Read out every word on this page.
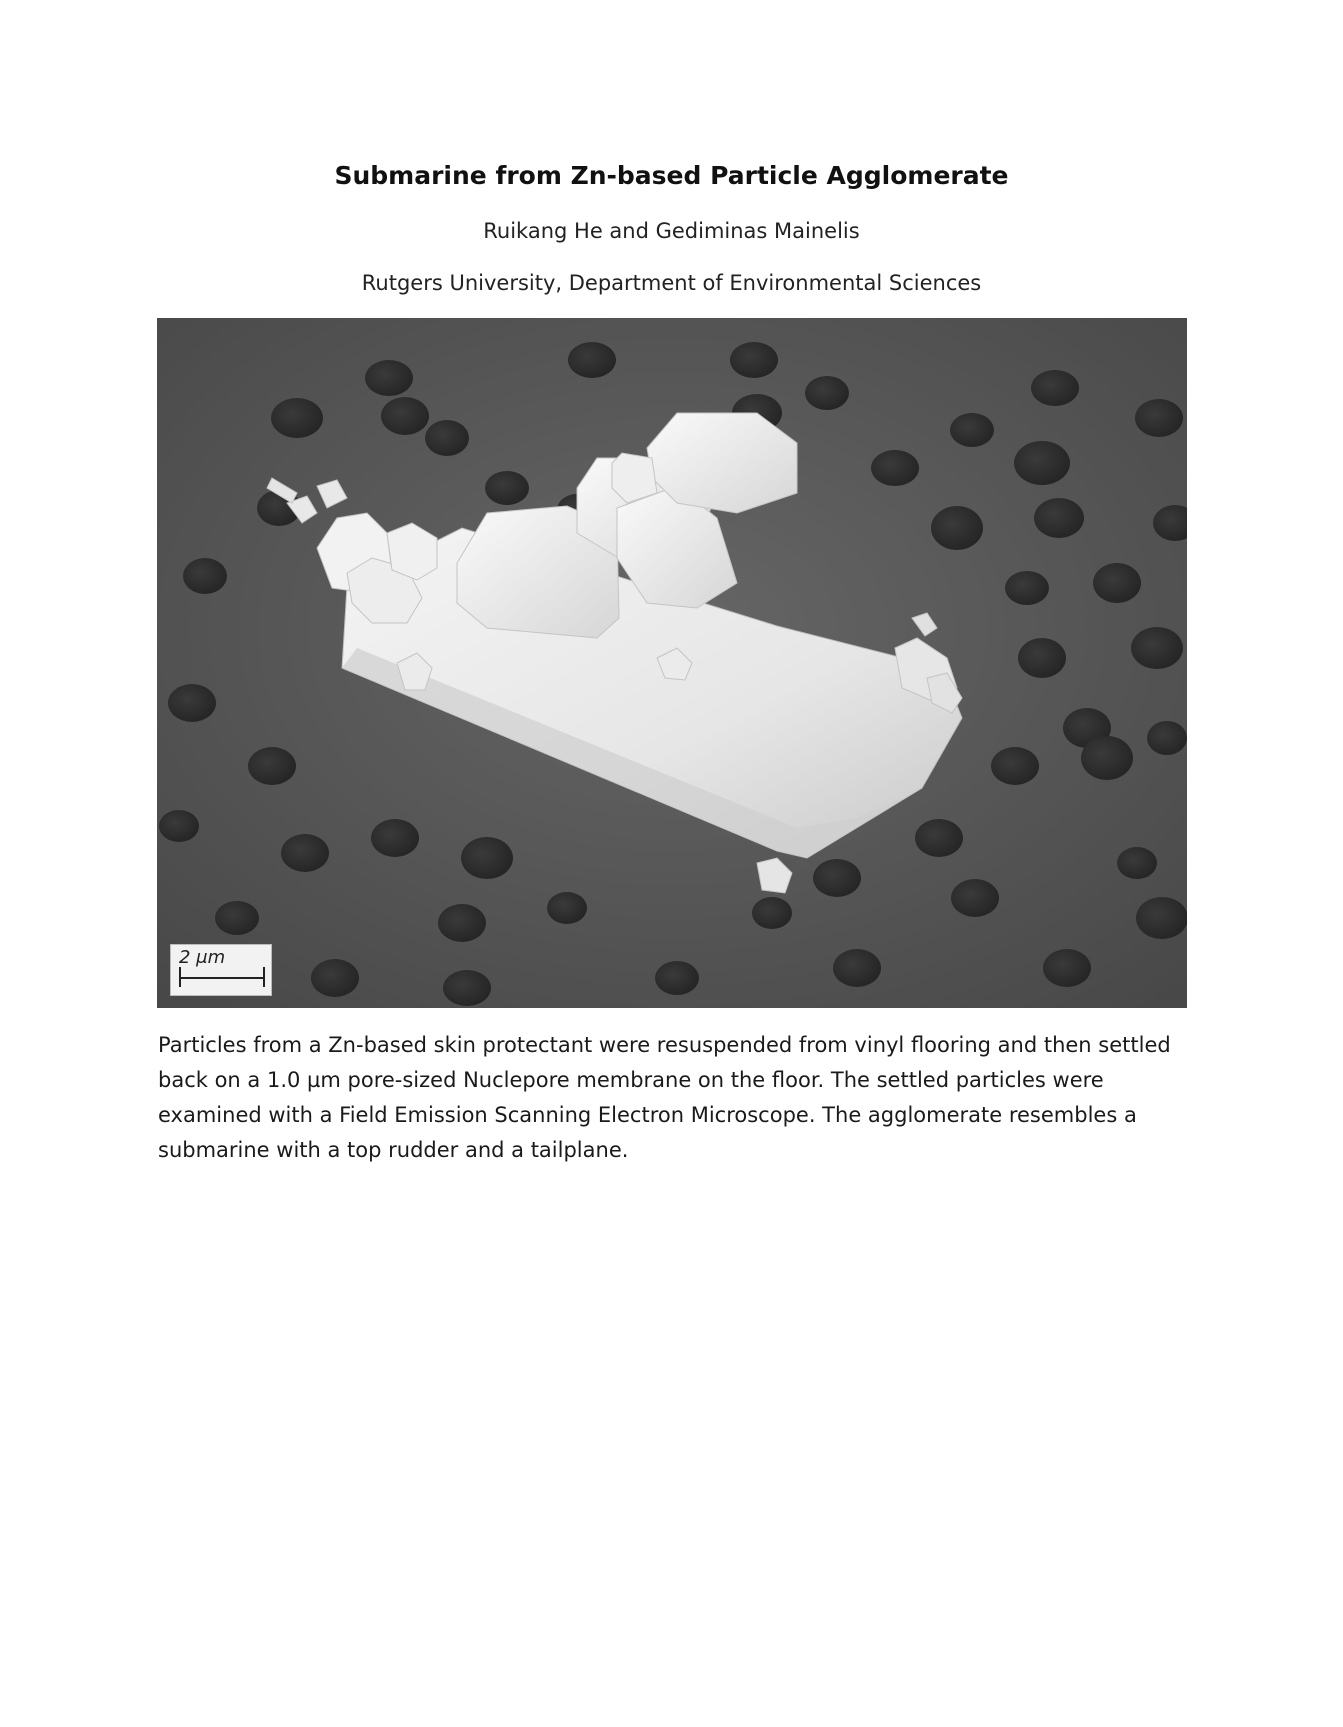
Submarine from Zn-based Particle Agglomerate
Ruikang He and Gediminas Mainelis
Rutgers University, Department of Environmental Sciences
2 μm
Particles from a Zn-based skin protectant were resuspended from vinyl flooring and then settled back on a 1.0 µm pore-sized Nuclepore membrane on the floor. The settled particles were examined with a Field Emission Scanning Electron Microscope. The agglomerate resembles a submarine with a top rudder and a tailplane.
